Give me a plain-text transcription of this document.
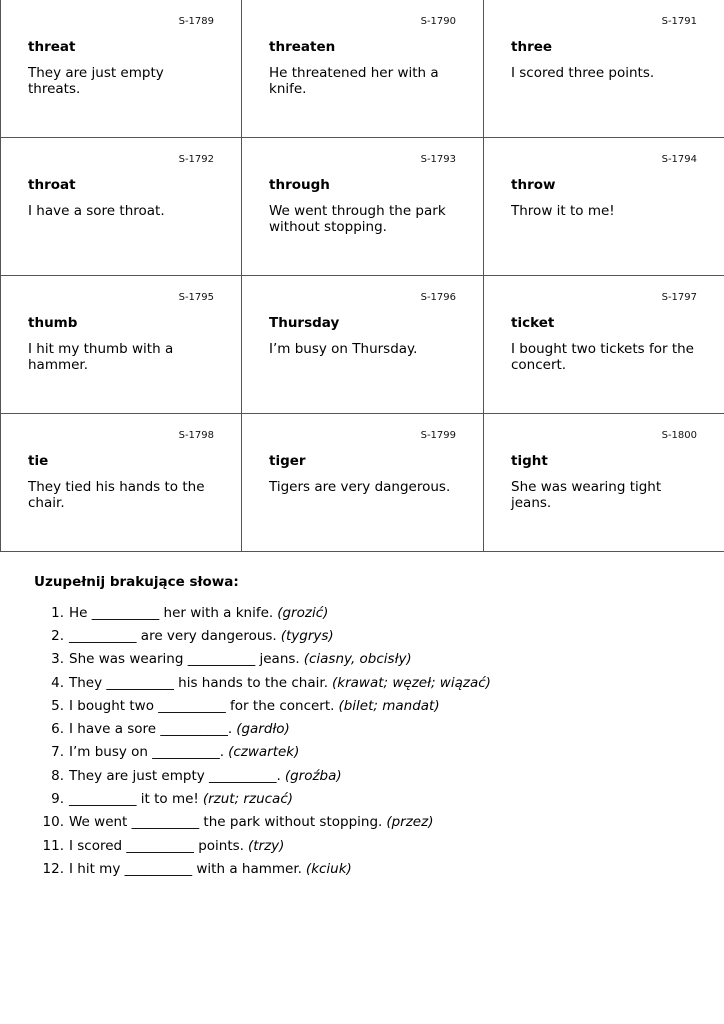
S-1789
threat
They are just empty threats.
S-1790
threaten
He threatened her with a knife.
S-1791
three
I scored three points.
S-1792
throat
I have a sore throat.
S-1793
through
We went through the park without stopping.
S-1794
throw
Throw it to me!
S-1795
thumb
I hit my thumb with a hammer.
S-1796
Thursday
I’m busy on Thursday.
S-1797
ticket
I bought two tickets for the concert.
S-1798
tie
They tied his hands to the chair.
S-1799
tiger
Tigers are very dangerous.
S-1800
tight
She was wearing tight jeans.
Uzupełnij brakujące słowa:
1. He __________ her with a knife. (grozić)
2. __________ are very dangerous. (tygrys)
3. She was wearing __________ jeans. (ciasny, obcisły)
4. They __________ his hands to the chair. (krawat; węzeł; wiązać)
5. I bought two __________ for the concert. (bilet; mandat)
6. I have a sore __________. (gardło)
7. I’m busy on __________. (czwartek)
8. They are just empty __________. (groźba)
9. __________ it to me! (rzut; rzucać)
10. We went __________ the park without stopping. (przez)
11. I scored __________ points. (trzy)
12. I hit my __________ with a hammer. (kciuk)
